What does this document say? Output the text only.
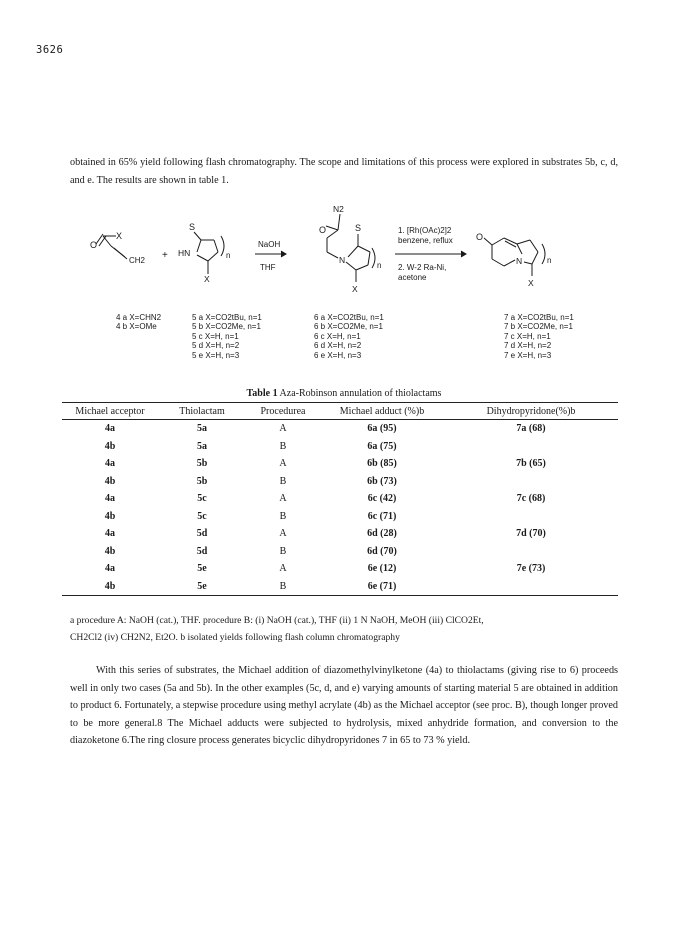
3626

obtained in 65% yield following flash chromatography. The scope and limitations of this process were explored in substrates 5b, c, d, and e. The results are shown in table 1.

O
X
CH2 +
S
HN
X
n
NaOH
THF
N2
O
N
S
X
n
1. [Rh(OAc)2]2
benzene, reflux
2. W-2 Ra-Ni,
acetone
O
N
X
n
4 a X=CHN2
4 b X=OMe
5 a X=CO2tBu, n=1
5 b X=CO2Me, n=1
5 c X=H, n=1
5 d X=H, n=2
5 e X=H, n=3
6 a X=CO2tBu, n=1
6 b X=CO2Me, n=1
6 c X=H, n=1
6 d X=H, n=2
6 e X=H, n=3
7 a X=CO2tBu, n=1
7 b X=CO2Me, n=1
7 c X=H, n=1
7 d X=H, n=2
7 e X=H, n=3
Table 1 Aza-Robinson annulation of thiolactams
Michael acceptor	Thiolactam	Procedurea	Michael adduct (%)b	Dihydropyridone(%)b
4a	5a	A	6a (95)	7a (68)
4b	5a	B	6a (75)	
4a	5b	A	6b (85)	7b (65)
4b	5b	B	6b (73)	
4a	5c	A	6c (42)	7c (68)
4b	5c	B	6c (71)	
4a	5d	A	6d (28)	7d (70)
4b	5d	B	6d (70)	
4a	5e	A	6e (12)	7e (73)
4b	5e	B	6e (71)	

a procedure A: NaOH (cat.), THF. procedure B: (i) NaOH (cat.), THF (ii) 1 N NaOH, MeOH (iii) ClCO2Et,

CH2Cl2 (iv) CH2N2, Et2O. b isolated yields following flash column chromatography

With this series of substrates, the Michael addition of diazomethylvinylketone (4a) to thiolactams (giving rise to 6) proceeds well in only two cases (5a and 5b). In the other examples (5c, d, and e) varying amounts of starting material 5 are obtained in addition to product 6. Fortunately, a stepwise procedure using methyl acrylate (4b) as the Michael acceptor (see proc. B), though longer proved to be more general.8 The Michael adducts were subjected to hydrolysis, mixed anhydride formation, and conversion to the diazoketone 6.The ring closure process generates bicyclic dihydropyridones 7 in 65 to 73 % yield.
